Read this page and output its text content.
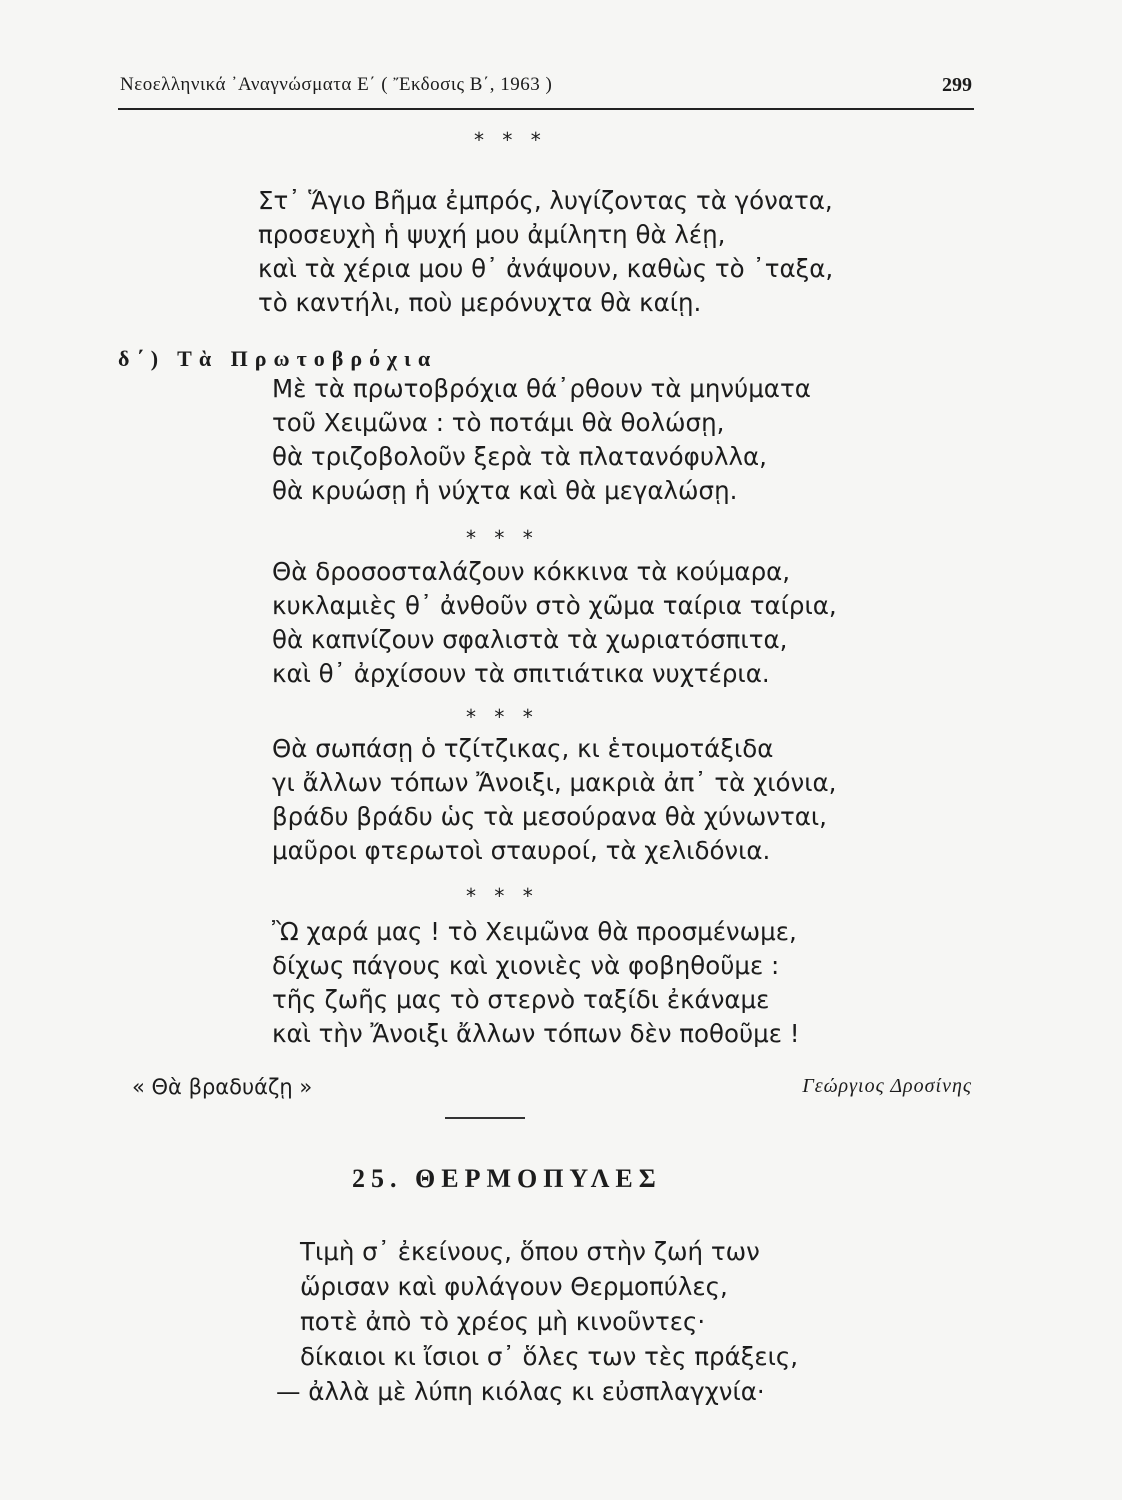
Νεοελληνικά ᾿Αναγνώσματα Ε΄ ( Ἔκδοσις Β΄, 1963 )	299
* * *
Στ᾿ Ἅγιο Βῆμα ἐμπρός, λυγίζοντας τὰ γόνατα,
προσευχὴ ἡ ψυχή μου ἀμίλητη θὰ λέῃ,
καὶ τὰ χέρια μου θ᾿ ἀνάψουν, καθὼς τὸ ᾿ταξα,
τὸ καντήλι, ποὺ μερόνυχτα θὰ καίῃ.
δ΄) Τὰ Πρωτοβρόχια
Μὲ τὰ πρωτοβρόχια θά᾿ρθουν τὰ μηνύματα
τοῦ Χειμῶνα : τὸ ποτάμι θὰ θολώσῃ,
θὰ τριζοβολοῦν ξερὰ τὰ πλατανόφυλλα,
θὰ κρυώσῃ ἡ νύχτα καὶ θὰ μεγαλώσῃ.
* * *
Θὰ δροσοσταλάζουν κόκκινα τὰ κούμαρα,
κυκλαμιὲς θ᾿ ἀνθοῦν στὸ χῶμα ταίρια ταίρια,
θὰ καπνίζουν σφαλιστὰ τὰ χωριατόσπιτα,
καὶ θ᾿ ἀρχίσουν τὰ σπιτιάτικα νυχτέρια.
* * *
Θὰ σωπάσῃ ὁ τζίτζικας, κι ἑτοιμοτάξιδα
γι ἄλλων τόπων Ἄνοιξι, μακριὰ ἀπ᾿ τὰ χιόνια,
βράδυ βράδυ ὡς τὰ μεσούρανα θὰ χύνωνται,
μαῦροι φτερωτοὶ σταυροί, τὰ χελιδόνια.
* * *
Ὢ χαρά μας ! τὸ Χειμῶνα θὰ προσμένωμε,
δίχως πάγους καὶ χιονιὲς νὰ φοβηθοῦμε :
τῆς ζωῆς μας τὸ στερνὸ ταξίδι ἐκάναμε
καὶ τὴν Ἄνοιξι ἄλλων τόπων δὲν ποθοῦμε !
« Θὰ βραδυάζῃ »	Γεώργιος Δροσίνης
25. ΘΕΡΜΟΠΥΛΕΣ
Τιμὴ σ᾿ ἐκείνους, ὅπου στὴν ζωή των
ὥρισαν καὶ φυλάγουν Θερμοπύλες,
ποτὲ ἀπὸ τὸ χρέος μὴ κινοῦντες·
δίκαιοι κι ἴσιοι σ᾿ ὅλες των τὲς πράξεις,
— ἀλλὰ μὲ λύπη κιόλας κι εὐσπλαγχνία·
